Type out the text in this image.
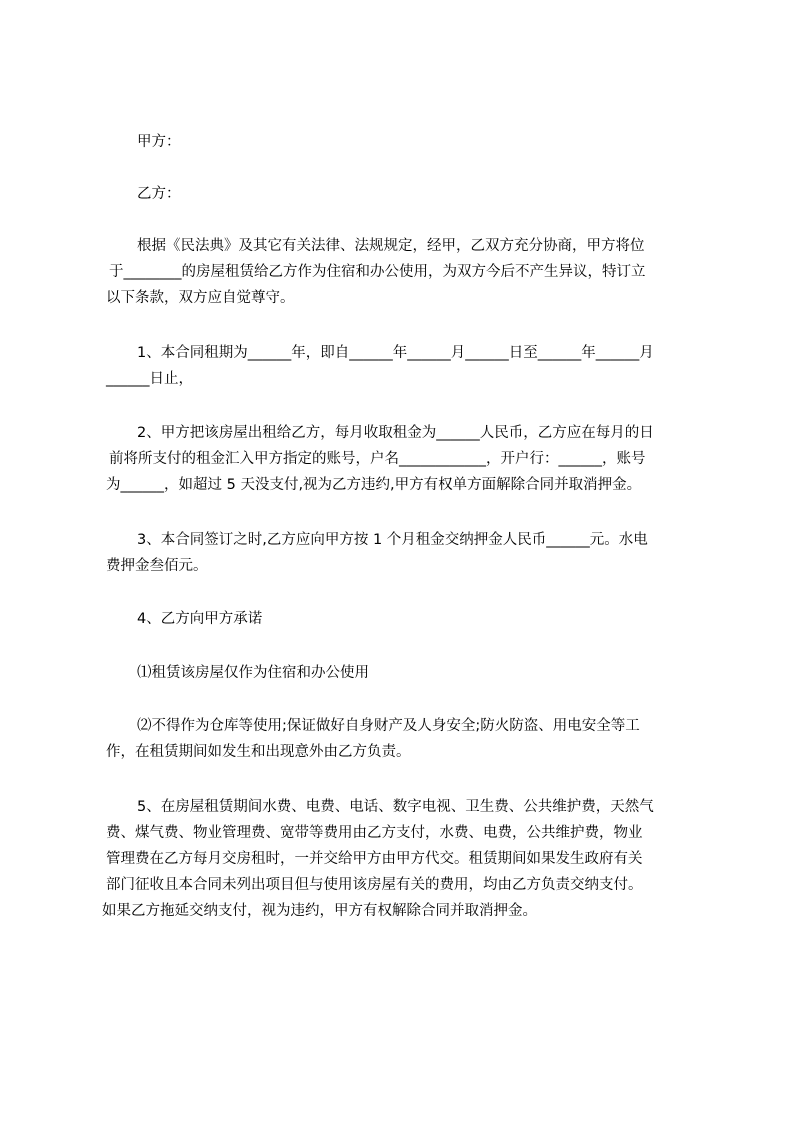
甲方：
乙方：
根据《民法典》及其它有关法律、法规规定，经甲，乙双方充分协商，甲方将位
于________的房屋租赁给乙方作为住宿和办公使用，为双方今后不产生异议，特订立
以下条款，双方应自觉尊守。
1、本合同租期为______年，即自______年______月______日至______年______月
______日止，
2、甲方把该房屋出租给乙方，每月收取租金为______人民币，乙方应在每月的日
前将所支付的租金汇入甲方指定的账号，户名____________，开户行：______，账号
为______，如超过 5 天没支付,视为乙方违约,甲方有权单方面解除合同并取消押金。
3、本合同签订之时,乙方应向甲方按 1 个月租金交纳押金人民币______元。水电
费押金叁佰元。
4、乙方向甲方承诺
⑴租赁该房屋仅作为住宿和办公使用
⑵不得作为仓库等使用;保证做好自身财产及人身安全;防火防盗、用电安全等工
作，在租赁期间如发生和出现意外由乙方负责。
5、在房屋租赁期间水费、电费、电话、数字电视、卫生费、公共维护费，天然气
费、煤气费、物业管理费、宽带等费用由乙方支付，水费、电费，公共维护费，物业
管理费在乙方每月交房租时，一并交给甲方由甲方代交。租赁期间如果发生政府有关
部门征收且本合同未列出项目但与使用该房屋有关的费用，均由乙方负责交纳支付。
如果乙方拖延交纳支付，视为违约，甲方有权解除合同并取消押金。
